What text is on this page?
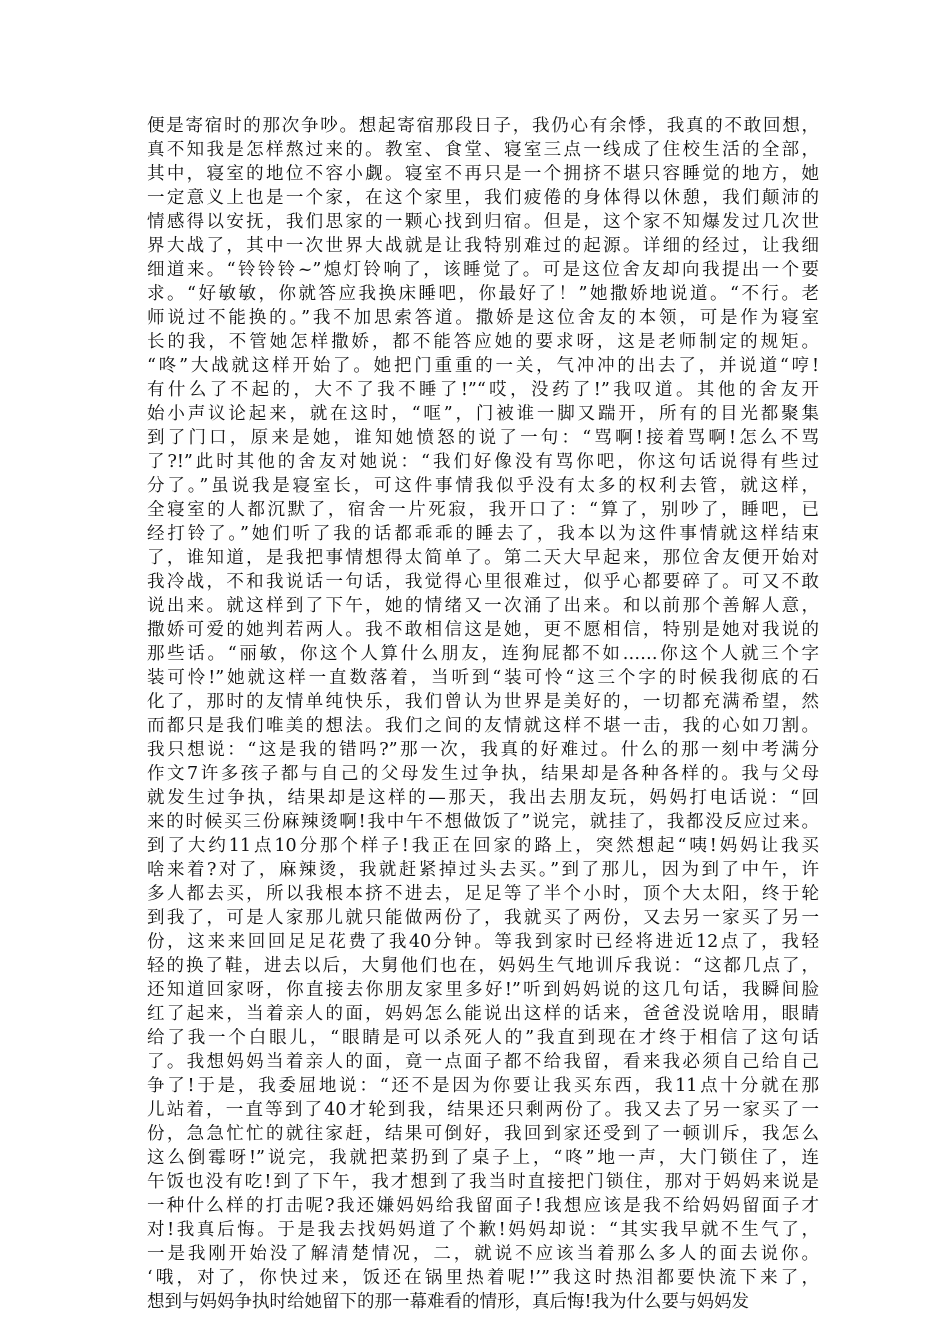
便是寄宿时的那次争吵。想起寄宿那段日子，我仍心有余悸，我真的不敢回想，
真不知我是怎样熬过来的。教室、食堂、寝室三点一线成了住校生活的全部，
其中，寝室的地位不容小觑。寝室不再只是一个拥挤不堪只容睡觉的地方，她
一定意义上也是一个家，在这个家里，我们疲倦的身体得以休憩，我们颠沛的
情感得以安抚，我们思家的一颗心找到归宿。但是，这个家不知爆发过几次世
界大战了，其中一次世界大战就是让我特别难过的起源。详细的经过，让我细
细道来。“铃铃铃~”熄灯铃响了，该睡觉了。可是这位舍友却向我提出一个要
求。“好敏敏，你就答应我换床睡吧，你最好了！”她撒娇地说道。“不行。老
师说过不能换的。”我不加思索答道。撒娇是这位舍友的本领，可是作为寝室
长的我，不管她怎样撒娇，都不能答应她的要求呀，这是老师制定的规矩。
“咚”大战就这样开始了。她把门重重的一关，气冲冲的出去了，并说道“哼!
有什么了不起的，大不了我不睡了!”“哎，没药了!”我叹道。其他的舍友开
始小声议论起来，就在这时，“哐”，门被谁一脚又踹开，所有的目光都聚集
到了门口，原来是她，谁知她愤怒的说了一句：“骂啊!接着骂啊!怎么不骂
了?!”此时其他的舍友对她说：“我们好像没有骂你吧，你这句话说得有些过
分了。”虽说我是寝室长，可这件事情我似乎没有太多的权利去管，就这样，
全寝室的人都沉默了，宿舍一片死寂，我开口了：“算了，别吵了，睡吧，已
经打铃了。”她们听了我的话都乖乖的睡去了，我本以为这件事情就这样结束
了，谁知道，是我把事情想得太简单了。第二天大早起来，那位舍友便开始对
我冷战，不和我说话一句话，我觉得心里很难过，似乎心都要碎了。可又不敢
说出来。就这样到了下午，她的情绪又一次涌了出来。和以前那个善解人意，
撒娇可爱的她判若两人。我不敢相信这是她，更不愿相信，特别是她对我说的
那些话。“丽敏，你这个人算什么朋友，连狗屁都不如……你这个人就三个字
装可怜!”她就这样一直数落着，当听到“装可怜“这三个字的时候我彻底的石
化了，那时的友情单纯快乐，我们曾认为世界是美好的，一切都充满希望，然
而都只是我们唯美的想法。我们之间的友情就这样不堪一击，我的心如刀割。
我只想说：“这是我的错吗?”那一次，我真的好难过。什么的那一刻中考满分
作文7许多孩子都与自己的父母发生过争执，结果却是各种各样的。我与父母
就发生过争执，结果却是这样的—那天，我出去朋友玩，妈妈打电话说：“回
来的时候买三份麻辣烫啊!我中午不想做饭了”说完，就挂了，我都没反应过来。
到了大约11点10分那个样子!我正在回家的路上，突然想起“咦!妈妈让我买
啥来着?对了，麻辣烫，我就赶紧掉过头去买。”到了那儿，因为到了中午，许
多人都去买，所以我根本挤不进去，足足等了半个小时，顶个大太阳，终于轮
到我了，可是人家那儿就只能做两份了，我就买了两份，又去另一家买了另一
份，这来来回回足足花费了我40分钟。等我到家时已经将进近12点了，我轻
轻的换了鞋，进去以后，大舅他们也在，妈妈生气地训斥我说：“这都几点了，
还知道回家呀，你直接去你朋友家里多好!”听到妈妈说的这几句话，我瞬间脸
红了起来，当着亲人的面，妈妈怎么能说出这样的话来，爸爸没说啥用，眼睛
给了我一个白眼儿，“眼睛是可以杀死人的”我直到现在才终于相信了这句话
了。我想妈妈当着亲人的面，竟一点面子都不给我留，看来我必须自己给自己
争了!于是，我委屈地说：“还不是因为你要让我买东西，我11点十分就在那
儿站着，一直等到了40才轮到我，结果还只剩两份了。我又去了另一家买了一
份，急急忙忙的就往家赶，结果可倒好，我回到家还受到了一顿训斥，我怎么
这么倒霉呀!”说完，我就把菜扔到了桌子上，“咚”地一声，大门锁住了，连
午饭也没有吃!到了下午，我才想到了我当时直接把门锁住，那对于妈妈来说是
一种什么样的打击呢?我还嫌妈妈给我留面子!我想应该是我不给妈妈留面子才
对!我真后悔。于是我去找妈妈道了个歉!妈妈却说：“其实我早就不生气了，
一是我刚开始没了解清楚情况，二，就说不应该当着那么多人的面去说你。
‘哦，对了，你快过来，饭还在锅里热着呢!’”我这时热泪都要快流下来了，
想到与妈妈争执时给她留下的那一幕难看的情形，真后悔!我为什么要与妈妈发
